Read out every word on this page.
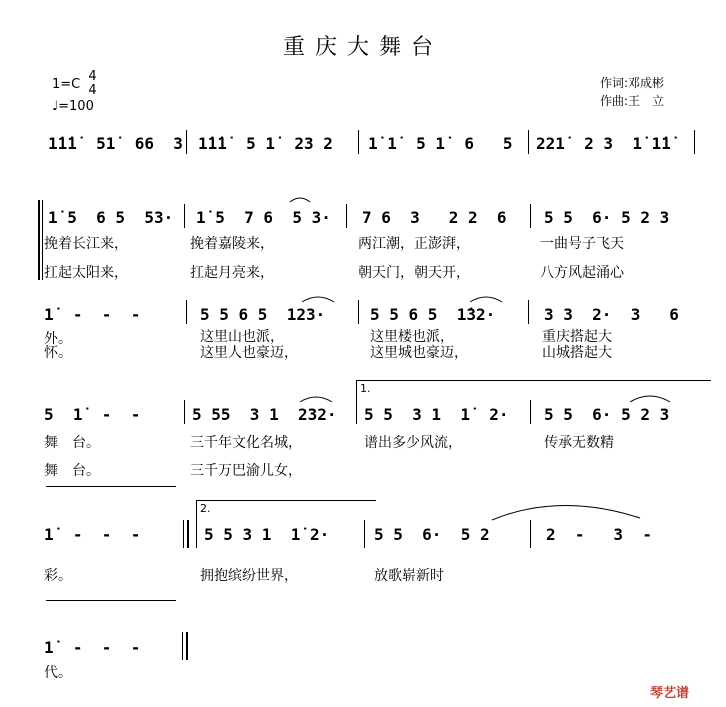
重庆大舞台
1=C 4
4
♩=100
作词:邓成彬
作曲:王　立

1̇1̇1̇  51̇  66  3

1̇1̇1̇  5 1̇  23 2

1̇ 1̇  5 1̇  6   5

221̇  2 3  1̇ 1̇1̇

1̇ 5  6 5  53·

1̇ 5  7 6  5 3·

7 6  3   2 2  6

5 5  6· 5 2 3

1̇  -  -  -

	5 5 6 5  123·

	5 5 6 5  1̇32·

	3 3  2·  3   6

5  1̇  -  -

	5 55  3 1  232·

5 5  3 1  1̇  2·

5 5  6· 5 2 3

1̇  -  -  -

	5 5 3 1  1̇ 2·

	5 5  6·  5 2

	2  -   3  -

1̇  -  -  -

挽着长江来，	挽着嘉陵来，	两江潮，正澎湃，	一曲号子飞天
扛起太阳来，	扛起月亮来，	朝天门，朝天开，	八方风起涌心
外。	这里山也派，	这里楼也派，	重庆搭起大
怀。	这里人也豪迈，	这里城也豪迈，	山城搭起大
舞　台。	三千年文化名城，	谱出多少风流，	传承无数精
舞　台。	三千万巴渝儿女，
彩。	拥抱缤纷世界，	放歌崭新时
代。
1.
2.
琴艺谱
